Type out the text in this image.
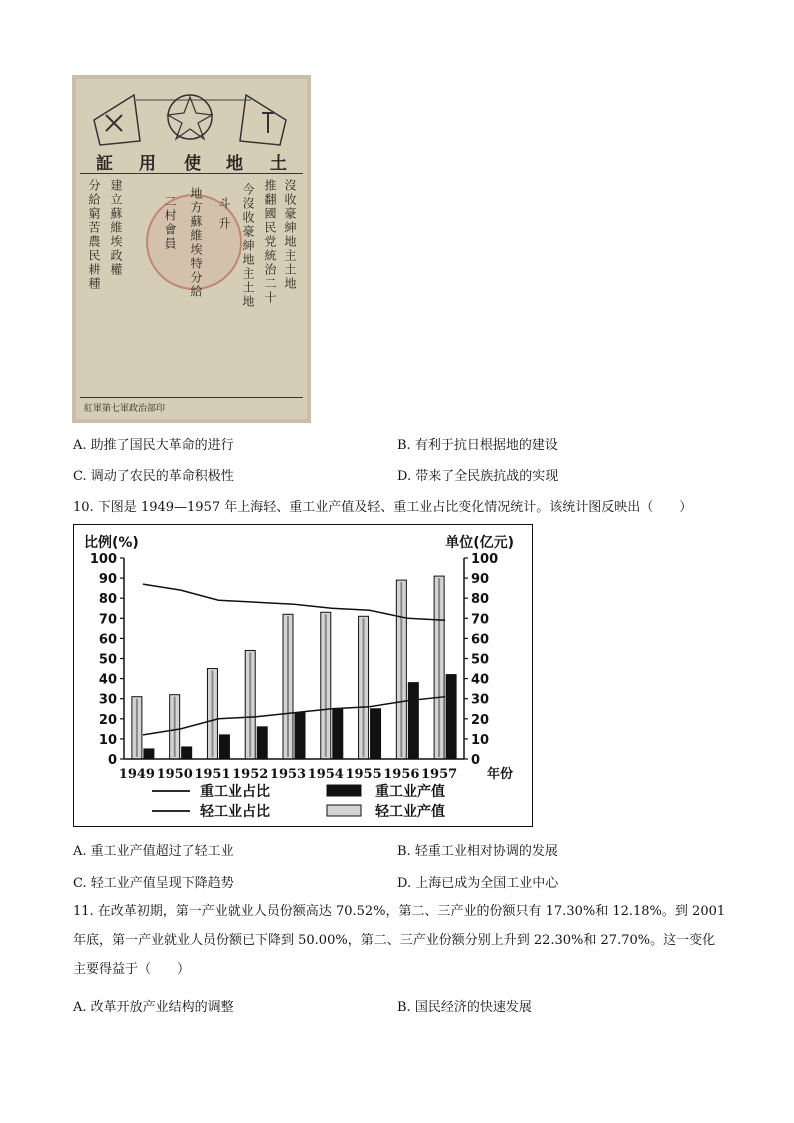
証 用 使 地 土
沒收豪紳地主土地
推翻國民党統治二十
今沒收豪紳地主土地
斗 升
地方蘇維埃特分給
二村會員
建立蘇維埃政權
分給窮苦農民耕種
紅軍第七軍政治部印
A. 助推了国民大革命的进行	B. 有利于抗日根据地的建设
C. 调动了农民的革命积极性	D. 带来了全民族抗战的实现
10. 下图是 1949—1957 年上海轻、重工业产值及轻、重工业占比变化情况统计。该统计图反映出（　　）
比例(%)	单位(亿元)
0
10
20
30
40
50
60
70
80
90
100
0
10
20
30
40
50
60
70
80
90
100
1949 1950 1951 1952 1953 1954 1955 1956 1957 年份
重工业占比	重工业产值
轻工业占比	轻工业产值
A. 重工业产值超过了轻工业	B. 轻重工业相对协调的发展
C. 轻工业产值呈现下降趋势	D. 上海已成为全国工业中心
11. 在改革初期，第一产业就业人员份额高达 70.52%，第二、三产业的份额只有 17.30%和 12.18%。到 2001
年底，第一产业就业人员份额已下降到 50.00%，第二、三产业份额分别上升到 22.30%和 27.70%。这一变化
主要得益于（　　）
A. 改革开放产业结构的调整	B. 国民经济的快速发展
